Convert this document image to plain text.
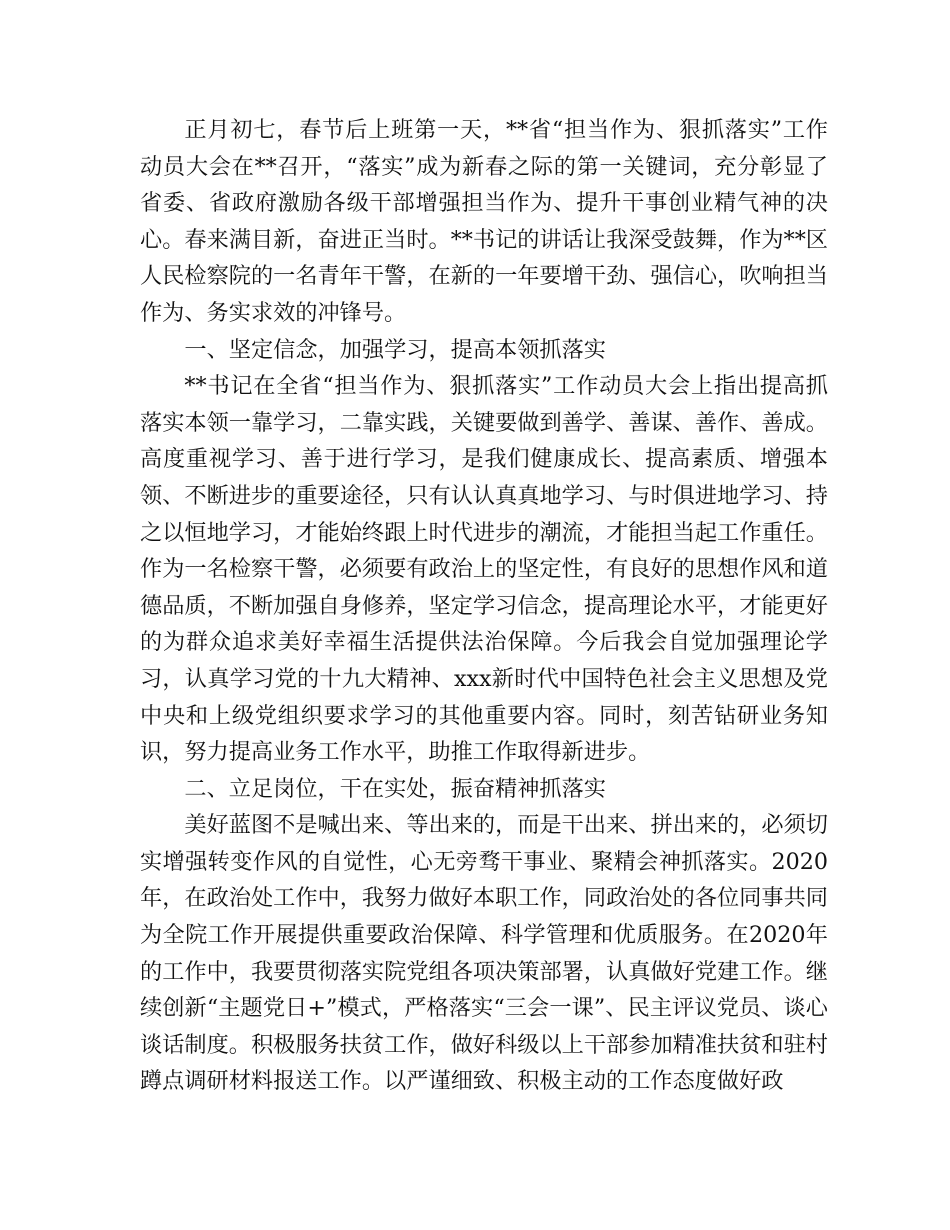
正月初七，春节后上班第一天，**省“担当作为、狠抓落实”工作动员大会在**召开，“落实”成为新春之际的第一关键词，充分彰显了省委、省政府激励各级干部增强担当作为、提升干事创业精气神的决心。春来满目新，奋进正当时。**书记的讲话让我深受鼓舞，作为**区人民检察院的一名青年干警，在新的一年要增干劲、强信心，吹响担当作为、务实求效的冲锋号。

一、坚定信念，加强学习，提高本领抓落实

**书记在全省“担当作为、狠抓落实”工作动员大会上指出提高抓落实本领一靠学习，二靠实践，关键要做到善学、善谋、善作、善成。高度重视学习、善于进行学习，是我们健康成长、提高素质、增强本领、不断进步的重要途径，只有认认真真地学习、与时俱进地学习、持之以恒地学习，才能始终跟上时代进步的潮流，才能担当起工作重任。作为一名检察干警，必须要有政治上的坚定性，有良好的思想作风和道德品质，不断加强自身修养，坚定学习信念，提高理论水平，才能更好的为群众追求美好幸福生活提供法治保障。今后我会自觉加强理论学习，认真学习党的十九大精神、xxx新时代中国特色社会主义思想及党中央和上级党组织要求学习的其他重要内容。同时，刻苦钻研业务知识，努力提高业务工作水平，助推工作取得新进步。

二、立足岗位，干在实处，振奋精神抓落实

美好蓝图不是喊出来、等出来的，而是干出来、拼出来的，必须切实增强转变作风的自觉性，心无旁骛干事业、聚精会神抓落实。2020年，在政治处工作中，我努力做好本职工作，同政治处的各位同事共同为全院工作开展提供重要政治保障、科学管理和优质服务。在2020年的工作中，我要贯彻落实院党组各项决策部署，认真做好党建工作。继续创新“主题党日+”模式，严格落实“三会一课”、民主评议党员、谈心谈话制度。积极服务扶贫工作，做好科级以上干部参加精准扶贫和驻村蹲点调研材料报送工作。以严谨细致、积极主动的工作态度做好政
